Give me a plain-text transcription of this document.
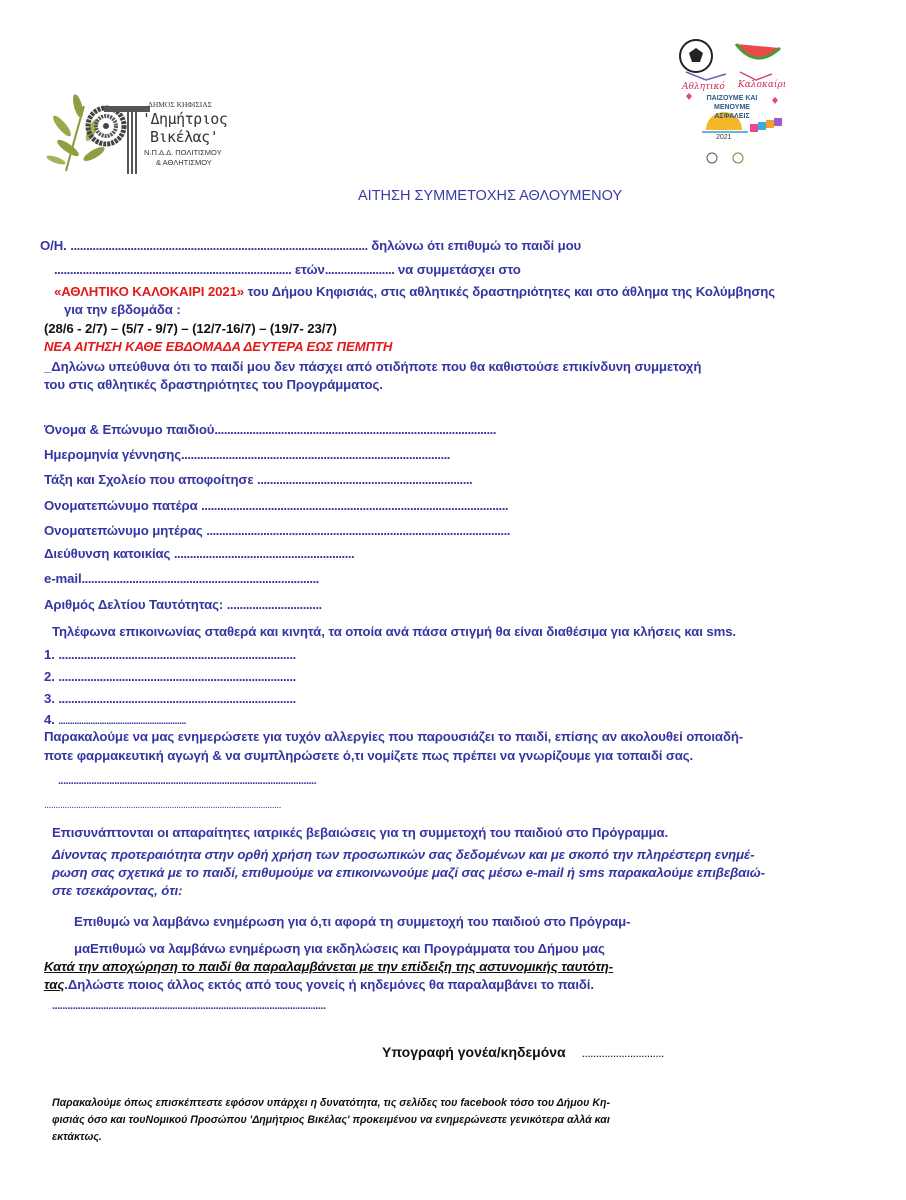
ΔΗΜΟΣ ΚΗΦΙΣΙΑΣ
'Δημήτριος
Βικέλας'
Ν.Π.Δ.Δ. ΠΟΛΙΤΙΣΜΟΥ
& ΑΘΛΗΤΙΣΜΟΥ
Αθλητικό Καλοκαίρι
ΠΑΙΖΟΥΜΕ ΚΑΙ ΜΕΝΟΥΜΕ ΑΣΦΑΛΕΙΣ
2021
ΑΙΤΗΣΗ ΣΥΜΜΕΤΟΧΗΣ ΑΘΛΟΥΜΕΝΟΥ
Ο/Η. .............................................................................................. δηλώνω ότι επιθυμώ το παιδί μου
........................................................................... ετών...................... να συμμετάσχει στο
«ΑΘΛΗΤΙΚΟ ΚΑΛΟΚΑΙΡΙ 2021» του Δήμου Κηφισιάς, στις αθλητικές δραστηριότητες και στο άθλημα της Κολύμβησης
για την εβδομάδα :
(28/6 - 2/7) – (5/7 - 9/7) – (12/7-16/7) – (19/7- 23/7)
ΝΕΑ ΑΙΤΗΣΗ ΚΑΘΕ ΕΒΔΟΜΑΔΑ ΔΕΥΤΕΡΑ ΕΩΣ ΠΕΜΠΤΗ
_Δηλώνω υπεύθυνα ότι το παιδί μου δεν πάσχει από οτιδήποτε που θα καθιστούσε επικίνδυνη συμμετοχή
του στις αθλητικές δραστηριότητες του Προγράμματος.
Όνομα & Επώνυμο παιδιού.........................................................................................
Ημερομηνία γέννησης.....................................................................................
Τάξη και Σχολείο που αποφοίτησε ....................................................................
Ονοματεπώνυμο πατέρα .................................................................................................
Ονοματεπώνυμο μητέρας ................................................................................................
Διεύθυνση κατοικίας .........................................................
e-mail...........................................................................
Αριθμός Δελτίου Ταυτότητας: ..............................
Τηλέφωνα επικοινωνίας σταθερά και κινητά, τα οποία ανά πάσα στιγμή θα είναι διαθέσιμα για κλήσεις και sms.
1. ...........................................................................
2. ...........................................................................
3. ...........................................................................
4. ........................................................
Παρακαλούμε να μας ενημερώσετε για τυχόν αλλεργίες που παρουσιάζει το παιδί, επίσης αν ακολουθεί οποιαδή-
ποτε φαρμακευτική αγωγή & να συμπληρώσετε ό,τι νομίζετε πως πρέπει να γνωρίζουμε για τοπαιδί σας.
.....................................................................................................
........................................................................................................
Επισυνάπτονται οι απαραίτητες ιατρικές βεβαιώσεις για τη συμμετοχή του παιδιού στο Πρόγραμμα.
Δίνοντας προτεραιότητα στην ορθή χρήση των προσωπικών σας δεδομένων και με σκοπό την πληρέστερη ενημέ-
ρωση σας σχετικά με το παιδί, επιθυμούμε να επικοινωνούμε μαζί σας μέσω e-mail ή sms παρακαλούμε επιβεβαιώ-
στε τσεκάροντας, ότι:
Επιθυμώ να λαμβάνω ενημέρωση για ό,τι αφορά τη συμμετοχή του παιδιού στο Πρόγραμ-
μαΕπιθυμώ να λαμβάνω ενημέρωση για εκδηλώσεις και Προγράμματα του Δήμου μας
Κατά την αποχώρηση το παιδί θα παραλαμβάνεται με την επίδειξη της αστυνομικής ταυτότη-
τας.Δηλώστε ποιος άλλος εκτός από τους γονείς ή κηδεμόνες θα παραλαμβάνει το παιδί.
...........................................................................................................
Υπογραφή γονέα/κηδεμόνα .............................
Παρακαλούμε όπως επισκέπτεστε εφόσον υπάρχει η δυνατότητα, τις σελίδες του facebook τόσο του Δήμου Κη-
φισιάς όσο και τουΝομικού Προσώπου 'Δημήτριος Βικέλας' προκειμένου να ενημερώνεστε γενικότερα αλλά και
εκτάκτως.
